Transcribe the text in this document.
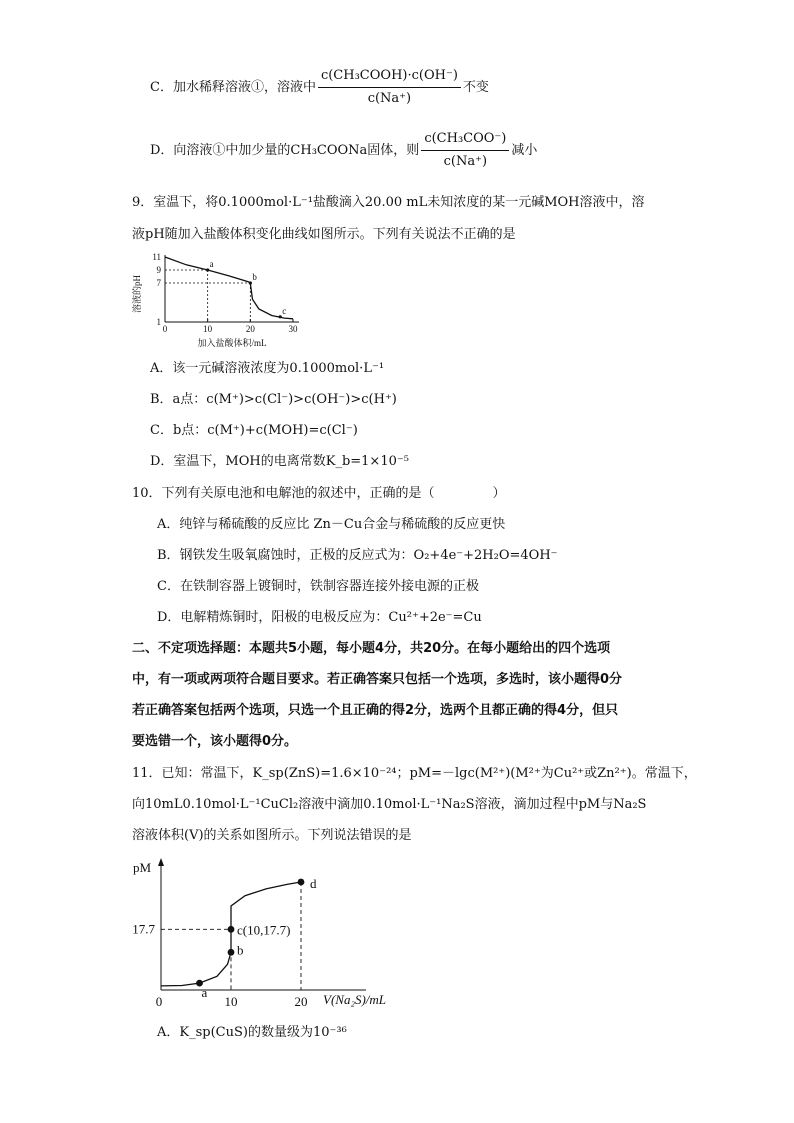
C．加水稀释溶液①，溶液中 $\frac{\text{c(CH₃COOH)·c(OH⁻)}}{c(Na^+)}$ 不变
D．向溶液①中加少量的CH₃COONa固体，则 $\frac{\text{c(CH₃COO⁻)}}{c(Na^+)}$ 减小
9．室温下，将0.1000mol·L⁻¹盐酸滴入20.00 mL未知浓度的某一元碱MOH溶液中，溶
液pH随加入盐酸体积变化曲线如图所示。下列有关说法不正确的是
0	10	20	30
1
7
9
11
a
b
c
溶液的pH
加入盐酸体积/mL
A．该一元碱溶液浓度为0.1000mol·L⁻¹
B．a点：c(M⁺)>c(Cl⁻)>c(OH⁻)>c(H⁺)
C．b点：c(M⁺)+c(MOH)=c(Cl⁻)
D．室温下，MOH的电离常数K_b=1×10⁻⁵
10．下列有关原电池和电解池的叙述中，正确的是（	）
A．纯锌与稀硫酸的反应比 Zn－Cu合金与稀硫酸的反应更快
B．钢铁发生吸氧腐蚀时，正极的反应式为：O₂+4e⁻+2H₂O=4OH⁻
C．在铁制容器上镀铜时，铁制容器连接外接电源的正极
D．电解精炼铜时，阳极的电极反应为：Cu²⁺+2e⁻=Cu
二、不定项选择题：本题共5小题，每小题4分，共20分。在每小题给出的四个选项
中，有一项或两项符合题目要求。若正确答案只包括一个选项，多选时，该小题得0分
若正确答案包括两个选项，只选一个且正确的得2分，选两个且都正确的得4分，但只
要选错一个，该小题得0分。
11．已知：常温下，K_sp(ZnS)=1.6×10⁻²⁴；pM=－lgc(M²⁺)(M²⁺为Cu²⁺或Zn²⁺)。常温下，
向10mL0.10mol·L⁻¹CuCl₂溶液中滴加0.10mol·L⁻¹Na₂S溶液，滴加过程中pM与Na₂S
溶液体积(V)的关系如图所示。下列说法错误的是
0	10	20
17.7
a
b
c(10,17.7)
d
pM
V(Na₂S)/mL
A．K_sp(CuS)的数量级为10⁻³⁶
